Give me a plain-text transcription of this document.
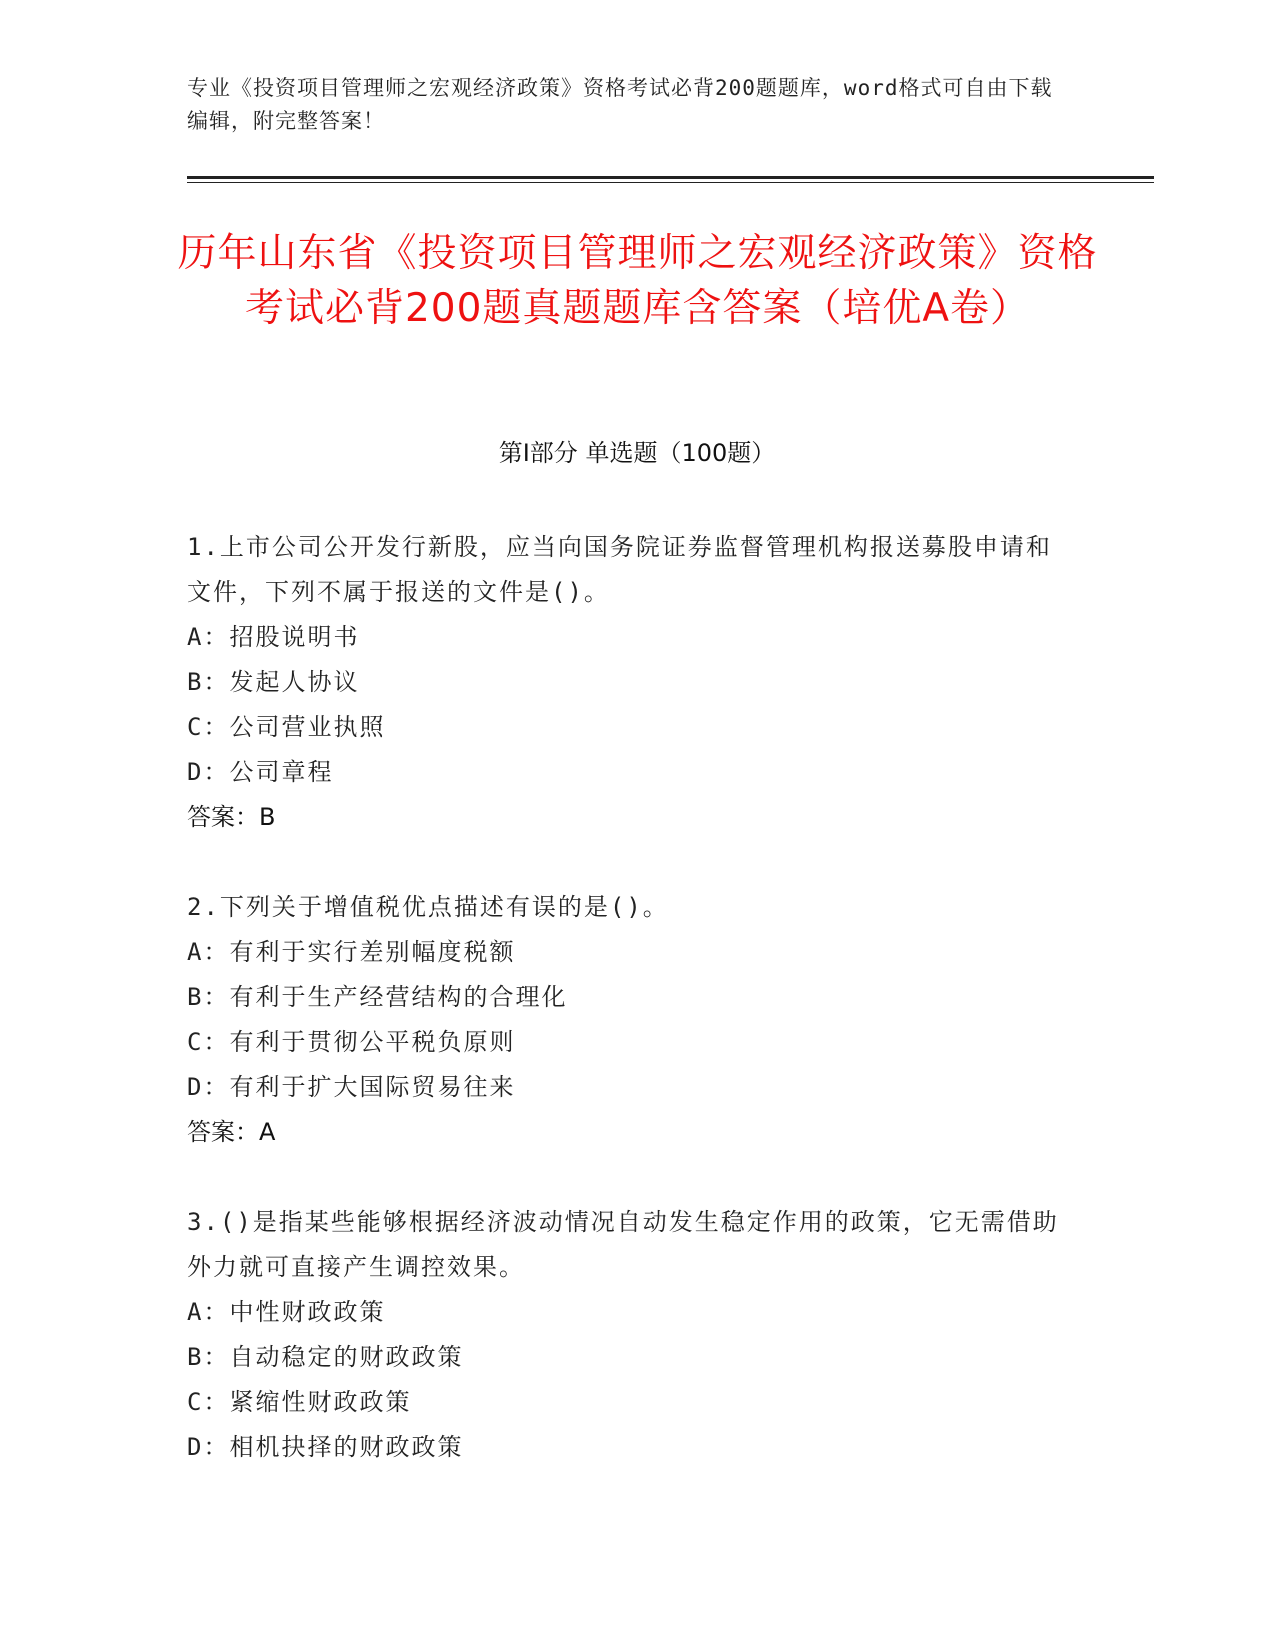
专业《投资项目管理师之宏观经济政策》资格考试必背200题题库，word格式可自由下载编辑，附完整答案！
历年山东省《投资项目管理师之宏观经济政策》资格考试必背200题真题题库含答案（培优A卷）
第Ⅰ部分 单选题（100题）
1.上市公司公开发行新股，应当向国务院证券监督管理机构报送募股申请和文件，下列不属于报送的文件是()。
A：招股说明书
B：发起人协议
C：公司营业执照
D：公司章程
答案：B
2.下列关于增值税优点描述有误的是()。
A：有利于实行差别幅度税额
B：有利于生产经营结构的合理化
C：有利于贯彻公平税负原则
D：有利于扩大国际贸易往来
答案：A
3.()是指某些能够根据经济波动情况自动发生稳定作用的政策，它无需借助外力就可直接产生调控效果。
A：中性财政政策
B：自动稳定的财政政策
C：紧缩性财政政策
D：相机抉择的财政政策
